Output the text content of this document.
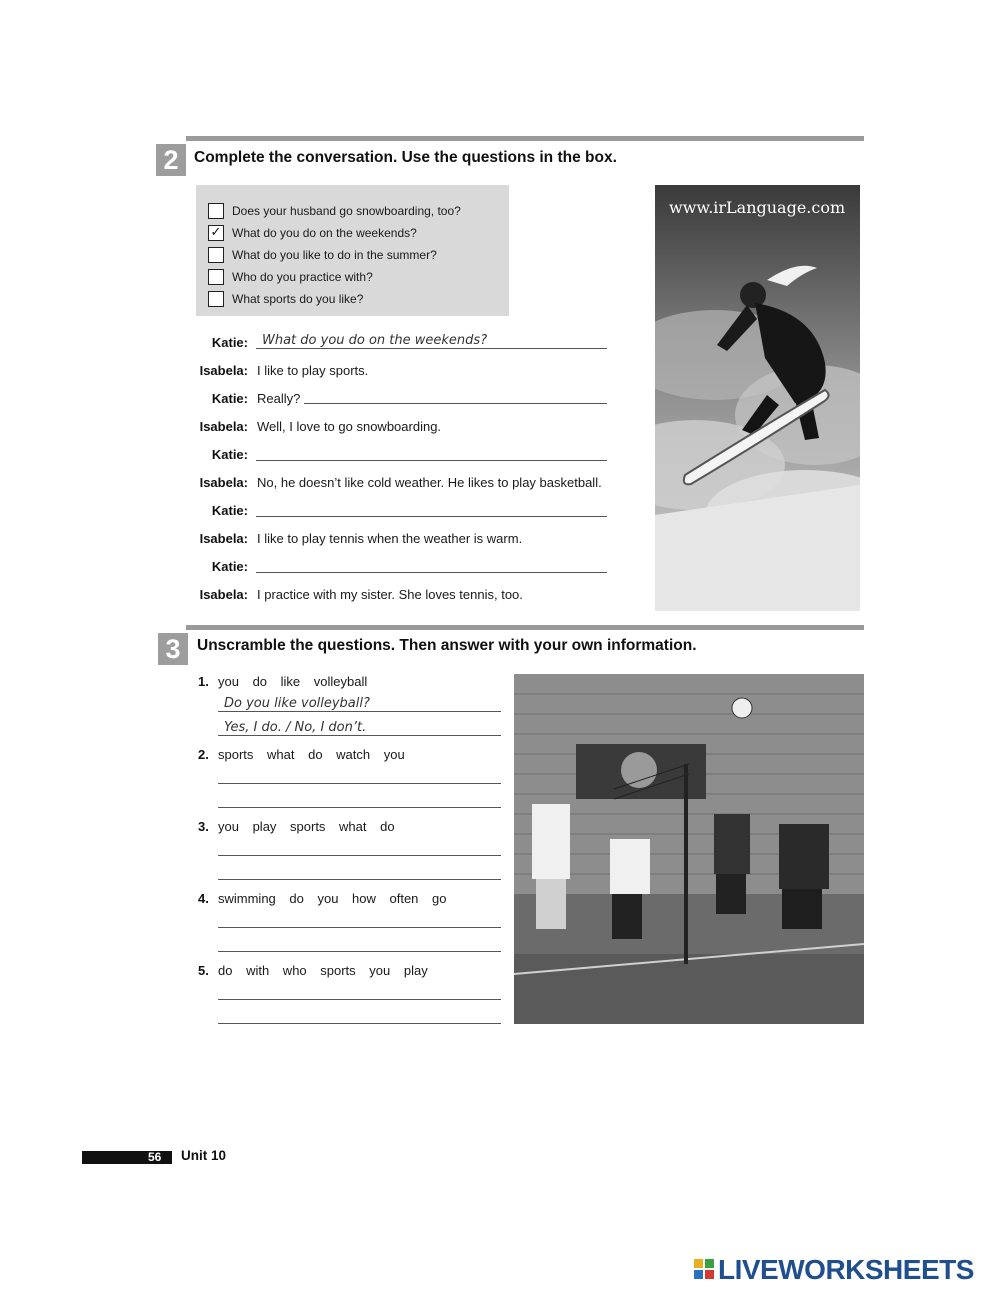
2 Complete the conversation. Use the questions in the box.
Does your husband go snowboarding, too?
✓ What do you do on the weekends?
What do you like to do in the summer?
Who do you practice with?
What sports do you like?
Katie: What do you do on the weekends?
Isabela: I like to play sports.
Katie: Really?
Isabela: Well, I love to go snowboarding.
Katie:
Isabela: No, he doesn’t like cold weather. He likes to play basketball.
Katie:
Isabela: I like to play tennis when the weather is warm.
Katie:
Isabela: I practice with my sister. She loves tennis, too.
www.irLanguage.com
3	Unscramble the questions. Then answer with your own information.
1. you do like volleyball
Do you like volleyball?
Yes, I do. / No, I don’t.
2. sports what do watch you
3. you play sports what do
4. swimming do you how often go
5. do with who sports you play
56 Unit 10
LIVEWORKSHEETS
